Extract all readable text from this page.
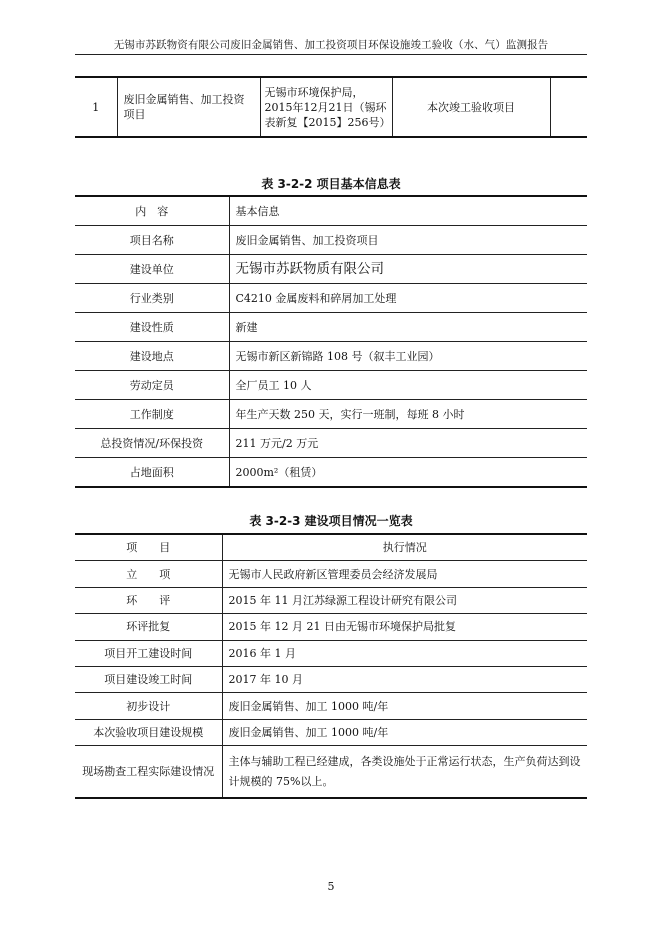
无锡市苏跃物资有限公司废旧金属销售、加工投资项目环保设施竣工验收（水、气）监测报告
1	废旧金属销售、加工投资项目	无锡市环境保护局，2015年12月21日（锡环表新复【2015】256号）	本次竣工验收项目	
表 3-2-2 项目基本信息表
内　容	基本信息
项目名称	废旧金属销售、加工投资项目
建设单位	无锡市苏跃物质有限公司
行业类别	C4210 金属废料和碎屑加工处理
建设性质	新建
建设地点	无锡市新区新锦路 108 号（叙丰工业园）
劳动定员	全厂员工 10 人
工作制度	年生产天数 250 天，实行一班制，每班 8 小时
总投资情况/环保投资	211 万元/2 万元
占地面积	2000m²（租赁）
表 3-2-3 建设项目情况一览表
项　　目	执行情况
立　　项	无锡市人民政府新区管理委员会经济发展局
环　　评	2015 年 11 月江苏绿源工程设计研究有限公司
环评批复	2015 年 12 月 21 日由无锡市环境保护局批复
项目开工建设时间	2016 年 1 月
项目建设竣工时间	2017 年 10 月
初步设计	废旧金属销售、加工 1000 吨/年
本次验收项目建设规模	废旧金属销售、加工 1000 吨/年
现场勘查工程实际建设情况	主体与辅助工程已经建成，各类设施处于正常运行状态，生产负荷达到设计规模的 75%以上。
5
